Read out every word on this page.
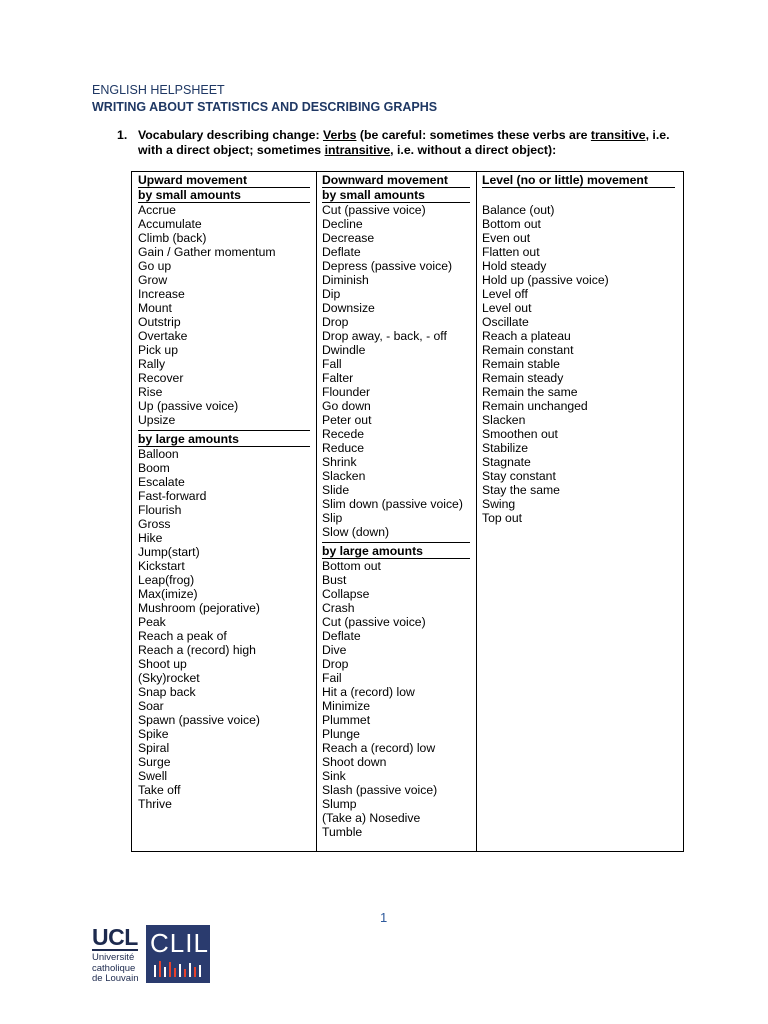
ENGLISH HELPSHEET
WRITING ABOUT STATISTICS AND DESCRIBING GRAPHS
1. Vocabulary describing change: Verbs (be careful: sometimes these verbs are transitive, i.e. with a direct object; sometimes intransitive, i.e. without a direct object):
Upward movement
by small amounts
Accrue
Accumulate
Climb (back)
Gain / Gather momentum
Go up
Grow
Increase
Mount
Outstrip
Overtake
Pick up
Rally
Recover
Rise
Up (passive voice)
Upsize
by large amounts
Balloon
Boom
Escalate
Fast-forward
Flourish
Gross
Hike
Jump(start)
Kickstart
Leap(frog)
Max(imize)
Mushroom (pejorative)
Peak
Reach a peak of
Reach a (record) high
Shoot up
(Sky)rocket
Snap back
Soar
Spawn (passive voice)
Spike
Spiral
Surge
Swell
Take off
Thrive
Downward movement
by small amounts
Cut (passive voice)
Decline
Decrease
Deflate
Depress (passive voice)
Diminish
Dip
Downsize
Drop
Drop away, - back, - off
Dwindle
Fall
Falter
Flounder
Go down
Peter out
Recede
Reduce
Shrink
Slacken
Slide
Slim down (passive voice)
Slip
Slow (down)
by large amounts
Bottom out
Bust
Collapse
Crash
Cut (passive voice)
Deflate
Dive
Drop
Fail
Hit a (record) low
Minimize
Plummet
Plunge
Reach a (record) low
Shoot down
Sink
Slash (passive voice)
Slump
(Take a) Nosedive
Tumble
Level (no or little) movement
Balance (out)
Bottom out
Even out
Flatten out
Hold steady
Hold up (passive voice)
Level off
Level out
Oscillate
Reach a plateau
Remain constant
Remain stable
Remain steady
Remain the same
Remain unchanged
Slacken
Smoothen out
Stabilize
Stagnate
Stay constant
Stay the same
Swing
Top out
1
UCL
Université
catholique
de Louvain
CLIL
